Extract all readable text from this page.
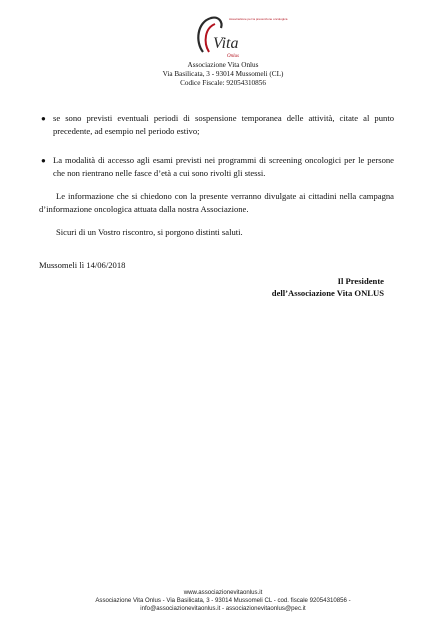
Associazione per la prevenzione oncologica
Vita
Onlus
Associazione Vita Onlus
Via Basilicata, 3 - 93014 Mussomeli (CL)
Codice Fiscale: 92054310856
● se sono previsti eventuali periodi di sospensione temporanea delle attività, citate al punto precedente, ad esempio nel periodo estivo;
● La modalità di accesso agli esami previsti nei programmi di screening oncologici per le persone che non rientrano nelle fasce d’età a cui sono rivolti gli stessi.
Le informazione che si chiedono con la presente verranno divulgate ai cittadini nella campagna d’informazione oncologica attuata dalla nostra Associazione.
Sicuri di un Vostro riscontro, si porgono distinti saluti.
Mussomeli lì 14/06/2018
Il Presidente
dell’Associazione Vita ONLUS
www.associazionevitaonlus.it
Associazione Vita Onlus - Via Basilicata, 3 - 93014 Mussomeli CL - cod. fiscale 92054310856 -
info@associazionevitaonlus.it - associazionevitaonlus@pec.it
